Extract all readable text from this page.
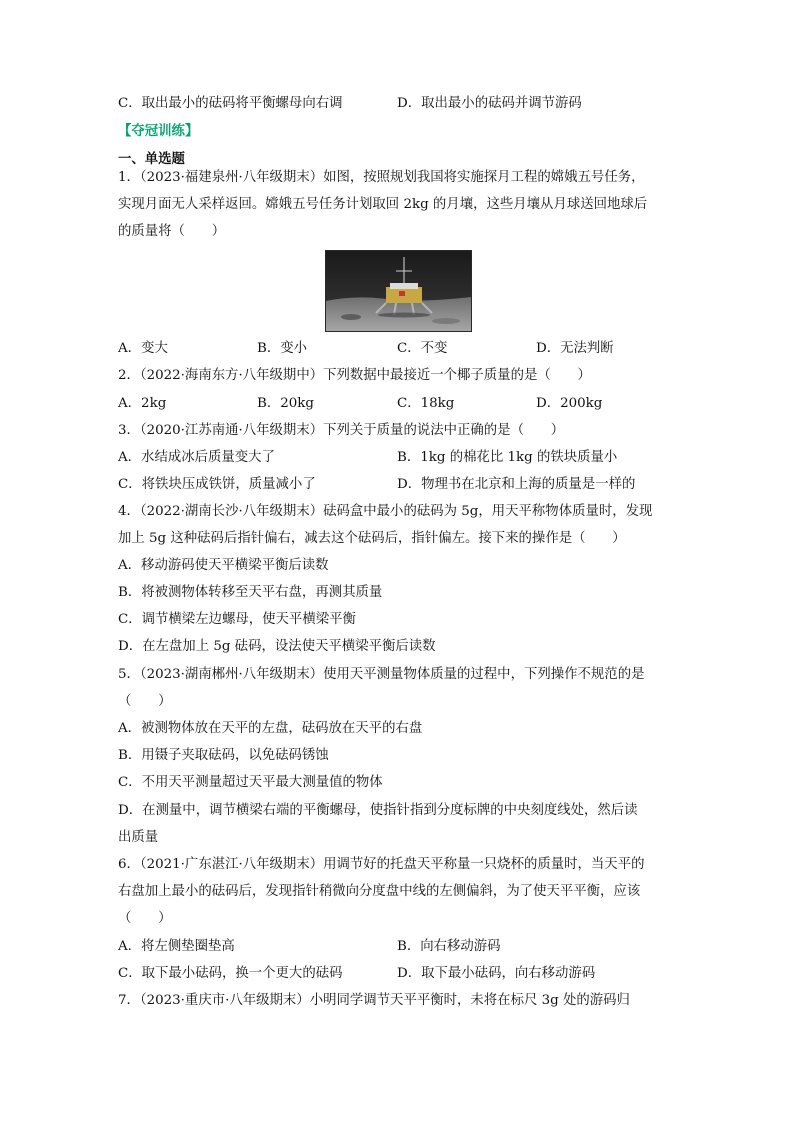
C．取出最小的砝码将平衡螺母向右调	D．取出最小的砝码并调节游码
【夺冠训练】
一、单选题
1．（2023·福建泉州·八年级期末）如图，按照规划我国将实施探月工程的嫦娥五号任务，
实现月面无人采样返回。嫦娥五号任务计划取回 2kg 的月壤，这些月壤从月球送回地球后
的质量将（　　）
A．变大	B．变小	C．不变	D．无法判断
2．（2022·海南东方·八年级期中）下列数据中最接近一个椰子质量的是（　　）
A．2kg	B．20kg	C．18kg	D．200kg
3．（2020·江苏南通·八年级期末）下列关于质量的说法中正确的是（　　）
A．水结成冰后质量变大了	B．1kg 的棉花比 1kg 的铁块质量小
C．将铁块压成铁饼，质量减小了	D．物理书在北京和上海的质量是一样的
4．（2022·湖南长沙·八年级期末）砝码盒中最小的砝码为 5g，用天平称物体质量时，发现
加上 5g 这种砝码后指针偏右，减去这个砝码后，指针偏左。接下来的操作是（　　）
A．移动游码使天平横梁平衡后读数
B．将被测物体转移至天平右盘，再测其质量
C．调节横梁左边螺母，使天平横梁平衡
D．在左盘加上 5g 砝码，设法使天平横梁平衡后读数
5．（2023·湖南郴州·八年级期末）使用天平测量物体质量的过程中，下列操作不规范的是
（　　）
A．被测物体放在天平的左盘，砝码放在天平的右盘
B．用镊子夹取砝码，以免砝码锈蚀
C．不用天平测量超过天平最大测量值的物体
D．在测量中，调节横梁右端的平衡螺母，使指针指到分度标牌的中央刻度线处，然后读
出质量
6．（2021·广东湛江·八年级期末）用调节好的托盘天平称量一只烧杯的质量时，当天平的
右盘加上最小的砝码后，发现指针稍微向分度盘中线的左侧偏斜，为了使天平平衡，应该
（　　）
A．将左侧垫圈垫高	B．向右移动游码
C．取下最小砝码，换一个更大的砝码	D．取下最小砝码，向右移动游码
7．（2023·重庆市·八年级期末）小明同学调节天平平衡时，未将在标尺 3g 处的游码归
